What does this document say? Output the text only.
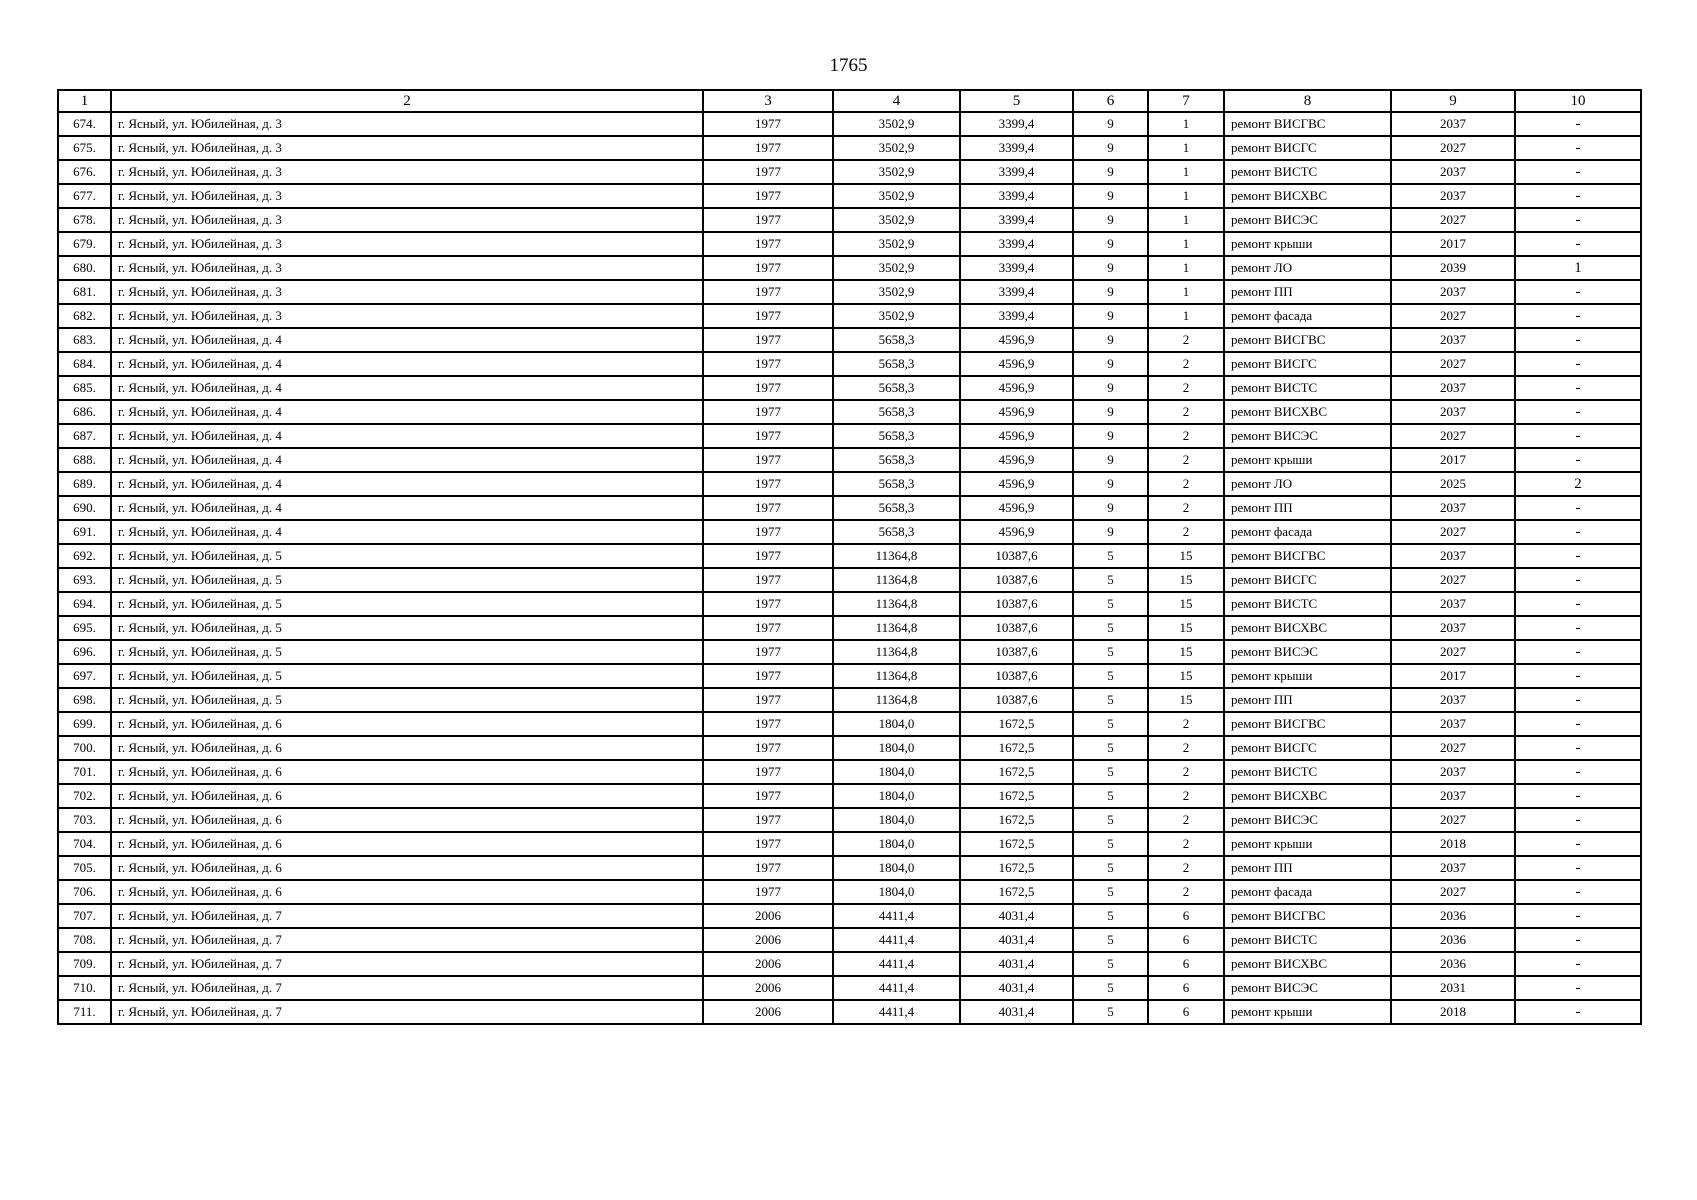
1765
1	2	3	4	5	6	7	8	9	10
674.	г. Ясный, ул. Юбилейная, д. 3	1977	3502,9	3399,4	9	1	ремонт ВИСГВС	2037	-
675.	г. Ясный, ул. Юбилейная, д. 3	1977	3502,9	3399,4	9	1	ремонт ВИСГС	2027	-
676.	г. Ясный, ул. Юбилейная, д. 3	1977	3502,9	3399,4	9	1	ремонт ВИСТС	2037	-
677.	г. Ясный, ул. Юбилейная, д. 3	1977	3502,9	3399,4	9	1	ремонт ВИСХВС	2037	-
678.	г. Ясный, ул. Юбилейная, д. 3	1977	3502,9	3399,4	9	1	ремонт ВИСЭС	2027	-
679.	г. Ясный, ул. Юбилейная, д. 3	1977	3502,9	3399,4	9	1	ремонт крыши	2017	-
680.	г. Ясный, ул. Юбилейная, д. 3	1977	3502,9	3399,4	9	1	ремонт ЛО	2039	1
681.	г. Ясный, ул. Юбилейная, д. 3	1977	3502,9	3399,4	9	1	ремонт ПП	2037	-
682.	г. Ясный, ул. Юбилейная, д. 3	1977	3502,9	3399,4	9	1	ремонт фасада	2027	-
683.	г. Ясный, ул. Юбилейная, д. 4	1977	5658,3	4596,9	9	2	ремонт ВИСГВС	2037	-
684.	г. Ясный, ул. Юбилейная, д. 4	1977	5658,3	4596,9	9	2	ремонт ВИСГС	2027	-
685.	г. Ясный, ул. Юбилейная, д. 4	1977	5658,3	4596,9	9	2	ремонт ВИСТС	2037	-
686.	г. Ясный, ул. Юбилейная, д. 4	1977	5658,3	4596,9	9	2	ремонт ВИСХВС	2037	-
687.	г. Ясный, ул. Юбилейная, д. 4	1977	5658,3	4596,9	9	2	ремонт ВИСЭС	2027	-
688.	г. Ясный, ул. Юбилейная, д. 4	1977	5658,3	4596,9	9	2	ремонт крыши	2017	-
689.	г. Ясный, ул. Юбилейная, д. 4	1977	5658,3	4596,9	9	2	ремонт ЛО	2025	2
690.	г. Ясный, ул. Юбилейная, д. 4	1977	5658,3	4596,9	9	2	ремонт ПП	2037	-
691.	г. Ясный, ул. Юбилейная, д. 4	1977	5658,3	4596,9	9	2	ремонт фасада	2027	-
692.	г. Ясный, ул. Юбилейная, д. 5	1977	11364,8	10387,6	5	15	ремонт ВИСГВС	2037	-
693.	г. Ясный, ул. Юбилейная, д. 5	1977	11364,8	10387,6	5	15	ремонт ВИСГС	2027	-
694.	г. Ясный, ул. Юбилейная, д. 5	1977	11364,8	10387,6	5	15	ремонт ВИСТС	2037	-
695.	г. Ясный, ул. Юбилейная, д. 5	1977	11364,8	10387,6	5	15	ремонт ВИСХВС	2037	-
696.	г. Ясный, ул. Юбилейная, д. 5	1977	11364,8	10387,6	5	15	ремонт ВИСЭС	2027	-
697.	г. Ясный, ул. Юбилейная, д. 5	1977	11364,8	10387,6	5	15	ремонт крыши	2017	-
698.	г. Ясный, ул. Юбилейная, д. 5	1977	11364,8	10387,6	5	15	ремонт ПП	2037	-
699.	г. Ясный, ул. Юбилейная, д. 6	1977	1804,0	1672,5	5	2	ремонт ВИСГВС	2037	-
700.	г. Ясный, ул. Юбилейная, д. 6	1977	1804,0	1672,5	5	2	ремонт ВИСГС	2027	-
701.	г. Ясный, ул. Юбилейная, д. 6	1977	1804,0	1672,5	5	2	ремонт ВИСТС	2037	-
702.	г. Ясный, ул. Юбилейная, д. 6	1977	1804,0	1672,5	5	2	ремонт ВИСХВС	2037	-
703.	г. Ясный, ул. Юбилейная, д. 6	1977	1804,0	1672,5	5	2	ремонт ВИСЭС	2027	-
704.	г. Ясный, ул. Юбилейная, д. 6	1977	1804,0	1672,5	5	2	ремонт крыши	2018	-
705.	г. Ясный, ул. Юбилейная, д. 6	1977	1804,0	1672,5	5	2	ремонт ПП	2037	-
706.	г. Ясный, ул. Юбилейная, д. 6	1977	1804,0	1672,5	5	2	ремонт фасада	2027	-
707.	г. Ясный, ул. Юбилейная, д. 7	2006	4411,4	4031,4	5	6	ремонт ВИСГВС	2036	-
708.	г. Ясный, ул. Юбилейная, д. 7	2006	4411,4	4031,4	5	6	ремонт ВИСТС	2036	-
709.	г. Ясный, ул. Юбилейная, д. 7	2006	4411,4	4031,4	5	6	ремонт ВИСХВС	2036	-
710.	г. Ясный, ул. Юбилейная, д. 7	2006	4411,4	4031,4	5	6	ремонт ВИСЭС	2031	-
711.	г. Ясный, ул. Юбилейная, д. 7	2006	4411,4	4031,4	5	6	ремонт крыши	2018	-
